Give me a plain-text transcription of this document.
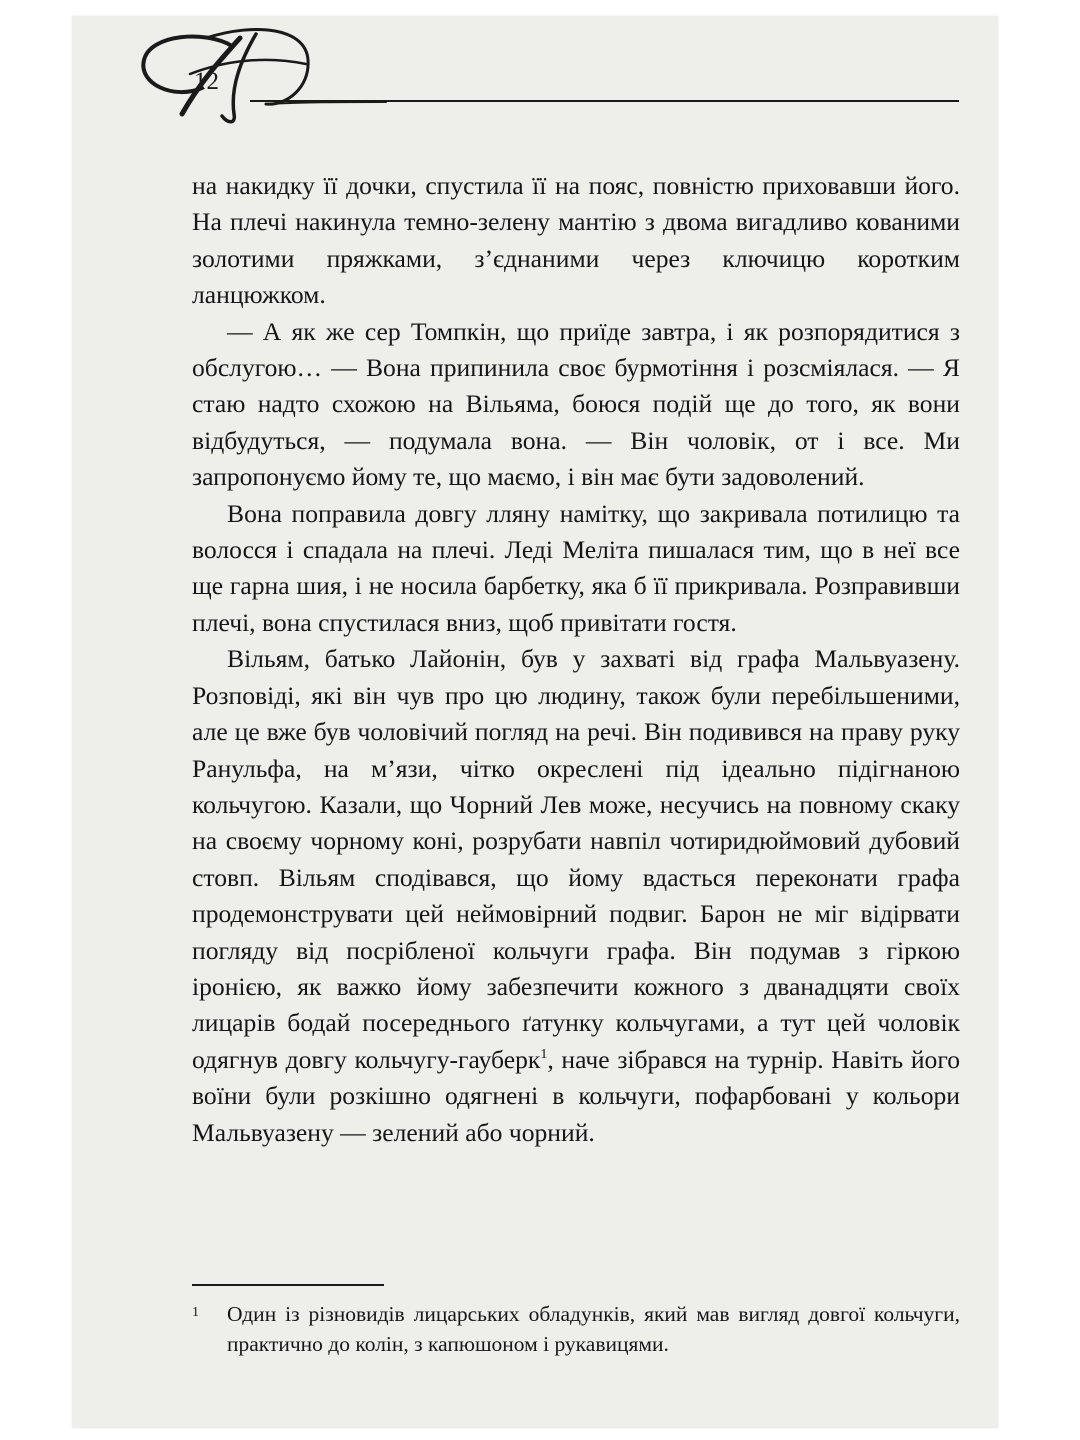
12

на накидку її дочки, спустила її на пояс, повністю приховавши його. На плечі накинула темно-зелену мантію з двома вигадливо кованими золотими пряжками, з’єднаними через ключицю коротким ланцюжком.

— А як же сер Томпкін, що приїде завтра, і як розпорядитися з обслугою… — Вона припинила своє бурмотіння і розсміялася. — Я стаю надто схожою на Вільяма, боюся подій ще до того, як вони відбудуться, — подумала вона. — Він чоловік, от і все. Ми запропонуємо йому те, що маємо, і він має бути задоволений.

Вона поправила довгу лляну намітку, що закривала потилицю та волосся і спадала на плечі. Леді Меліта пишалася тим, що в неї все ще гарна шия, і не носила барбетку, яка б її прикривала. Розправивши плечі, вона спустилася вниз, щоб привітати гостя.

Вільям, батько Лайонін, був у захваті від графа Мальвуазену. Розповіді, які він чув про цю людину, також були перебільшеними, але це вже був чоловічий погляд на речі. Він подивився на праву руку Ранульфа, на м’язи, чітко окреслені під ідеально підігнаною кольчугою. Казали, що Чорний Лев може, несучись на повному скаку на своєму чорному коні, розрубати навпіл чотиридюймовий дубовий стовп. Вільям сподівався, що йому вдасться переконати графа продемонструвати цей неймовірний подвиг. Барон не міг відірвати погляду від посрібленої кольчуги графа. Він подумав з гіркою іронією, як важко йому забезпечити кожного з дванадцяти своїх лицарів бодай посереднього ґатунку кольчугами, а тут цей чоловік одягнув довгу кольчугу-гауберк$^1$, наче зібрався на турнір. Навіть його воїни були розкішно одягнені в кольчуги, пофарбовані у кольори Мальвуазену — зелений або чорний.

1	Один із різновидів лицарських обладунків, який мав вигляд довгої кольчуги, практично до колін, з капюшоном і рукавицями.
